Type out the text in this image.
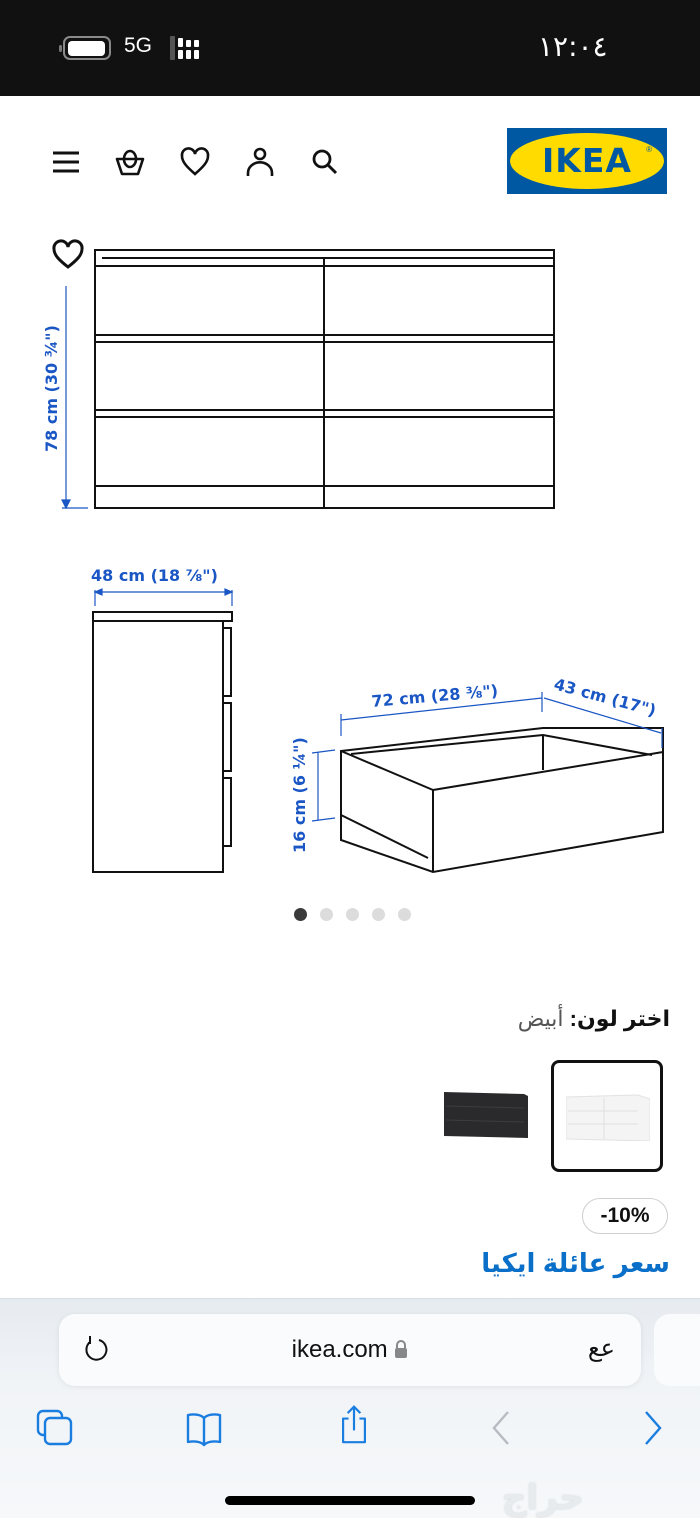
5G	١٢:٠٤
IKEA	®
78 cm (30 ¾")
48 cm (18 ⅞")
72 cm (28 ⅜")	43 cm (17")
16 cm (6 ¼")
اختر لون: أبيض
-10%
سعر عائلة ايكيا
ikea.com	عع
حراج
